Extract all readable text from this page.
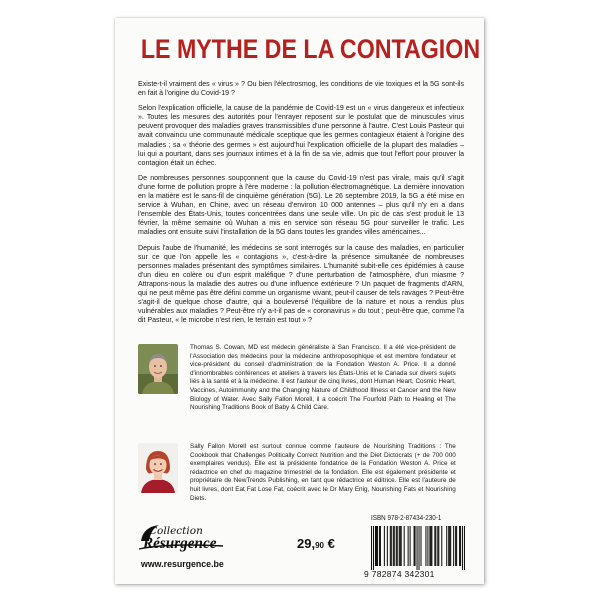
LE MYTHE DE LA CONTAGION

Existe-t-il vraiment des « virus » ? Ou bien l'électrosmog, les conditions de vie toxiques et la 5G sont-ils en fait à l'origine du Covid-19 ?

Selon l'explication officielle, la cause de la pandémie de Covid-19 est un « virus dangereux et infectieux ». Toutes les mesures des autorités pour l'enrayer reposent sur le postulat que de minuscules virus peuvent provoquer des maladies graves transmissibles d'une personne à l'autre. C'est Louis Pasteur qui avait convaincu une communauté médicale sceptique que les germes contagieux étaient à l'origine des maladies ; sa « théorie des germes » est aujourd'hui l'explication officielle de la plupart des maladies – lui qui a pourtant, dans ses journaux intimes et à la fin de sa vie, admis que tout l'effort pour prouver la contagion était un échec.

De nombreuses personnes soupçonnent que la cause du Covid-19 n'est pas virale, mais qu'il s'agit d'une forme de pollution propre à l'ère moderne : la pollution électromagnétique. La dernière innovation en la matière est le sans-fil de cinquième génération (5G). Le 26 septembre 2019, la 5G a été mise en service à Wuhan, en Chine, avec un réseau d'environ 10 000 antennes – plus qu'il n'y en a dans l'ensemble des États-Unis, toutes concentrées dans une seule ville. Un pic de cas s'est produit le 13 février, la même semaine où Wuhan a mis en service son réseau 5G pour surveiller le trafic. Les maladies ont ensuite suivi l'installation de la 5G dans toutes les grandes villes américaines...

Depuis l'aube de l'humanité, les médecins se sont interrogés sur la cause des maladies, en particulier sur ce que l'on appelle les « contagions », c'est-à-dire la présence simultanée de nombreuses personnes malades présentant des symptômes similaires. L'humanité subit-elle ces épidémies à cause d'un dieu en colère ou d'un esprit maléfique ? d'une perturbation de l'atmosphère, d'un miasme ? Attrapons-nous la maladie des autres ou d'une influence extérieure ? Un paquet de fragments d'ARN, qui ne peut même pas être défini comme un organisme vivant, peut-il causer de tels ravages ? Peut-être s'agit-il de quelque chose d'autre, qui a bouleversé l'équilibre de la nature et nous a rendus plus vulnérables aux maladies ? Peut-être n'y a-t-il pas de « coronavirus » du tout ; peut-être que, comme l'a dit Pasteur, « le microbe n'est rien, le terrain est tout » ?

Thomas S. Cowan, MD est médecin généraliste à San Francisco. Il a été vice-président de l'Association des médecins pour la médecine anthroposophique et est membre fondateur et vice-président du conseil d'administration de la Fondation Weston A. Price. Il a donné d'innombrables conférences et ateliers à travers les États-Unis et le Canada sur divers sujets liés à la santé et à la médecine. Il est l'auteur de cinq livres, dont Human Heart, Cosmic Heart, Vaccines, Autoimmunity and the Changing Nature of Childhood Illness et Cancer and the New Biology of Water. Avec Sally Fallon Morell, il a coécrit The Fourfold Path to Healing et The Nourishing Traditions Book of Baby & Child Care.
Sally Fallon Morell est surtout connue comme l'auteure de Nourishing Traditions : The Cookbook that Challenges Politically Correct Nutrition and the Diet Dictocrats (+ de 700 000 exemplaires vendus). Elle est la présidente fondatrice de la Fondation Weston A. Price et rédactrice en chef du magazine trimestriel de la fondation. Elle est également présidente et propriétaire de NewTrends Publishing, en tant que rédactrice et éditrice. Elle est l'auteure de huit livres, dont Eat Fat Lose Fat, coécrit avec le Dr Mary Enig, Nourishing Fats et Nourishing Diets.
Collection
Résurgence
www.resurgence.be
29,90 €
ISBN 978-2-87434-230-1
9 782874 342301
